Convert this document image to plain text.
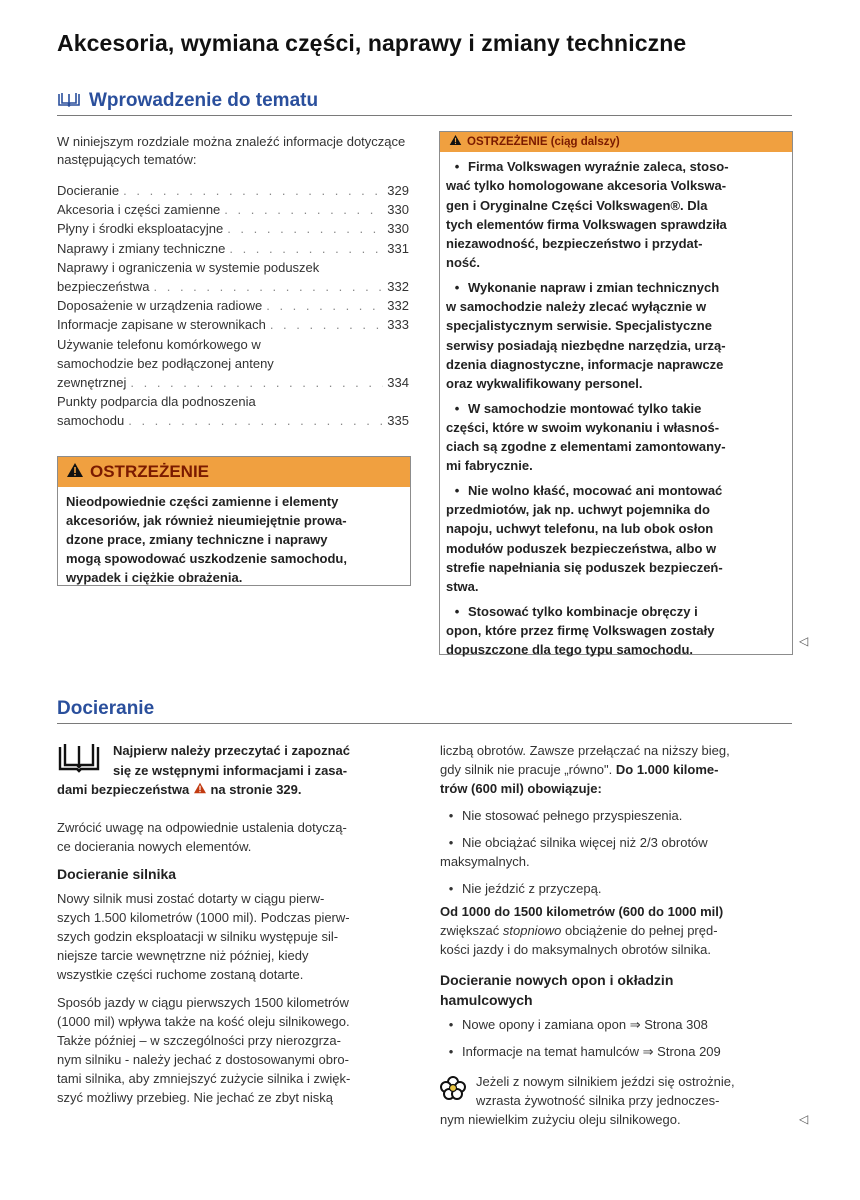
Akcesoria, wymiana części, naprawy i zmiany techniczne
Wprowadzenie do tematu

W niniejszym rozdziale można znaleźć informacje dotyczące następujących tematów:

Docieranie . . .	329
Akcesoria i części zamienne . . .	330
Płyny i środki eksploatacyjne . . .	330
Naprawy i zmiany techniczne . . .	331
Naprawy i ograniczenia w systemie poduszek
bezpieczeństwa . . .	332
Doposażenie w urządzenia radiowe . . .	332
Informacje zapisane w sterownikach . . .	333
Używanie telefonu komórkowego w
samochodzie bez podłączonej anteny
zewnętrznej . . .	334
Punkty podparcia dla podnoszenia
samochodu . . .	335
OSTRZEŻENIE
Nieodpowiednie części zamienne i elementy
akcesoriów, jak również nieumiejętnie prowa-
dzone prace, zmiany techniczne i naprawy
mogą spowodować uszkodzenie samochodu,
wypadek i ciężkie obrażenia.
OSTRZEŻENIE (ciąg dalszy)
• Firma Volkswagen wyraźnie zaleca, stoso-
wać tylko homologowane akcesoria Volkswa-
gen i Oryginalne Części Volkswagen®. Dla
tych elementów firma Volkswagen sprawdziła
niezawodność, bezpieczeństwo i przydat-
ność.
• Wykonanie napraw i zmian technicznych
w samochodzie należy zlecać wyłącznie w
specjalistycznym serwisie. Specjalistyczne
serwisy posiadają niezbędne narzędzia, urzą-
dzenia diagnostyczne, informacje naprawcze
oraz wykwalifikowany personel.
• W samochodzie montować tylko takie
części, które w swoim wykonaniu i własnoś-
ciach są zgodne z elementami zamontowany-
mi fabrycznie.
• Nie wolno kłaść, mocować ani montować
przedmiotów, jak np. uchwyt pojemnika do
napoju, uchwyt telefonu, na lub obok osłon
modułów poduszek bezpieczeństwa, albo w
strefie napełniania się poduszek bezpieczeń-
stwa.
• Stosować tylko kombinacje obręczy i
opon, które przez firmę Volkswagen zostały
dopuszczone dla tego typu samochodu.
◁
Docieranie
Najpierw należy przeczytać i zapoznać
się ze wstępnymi informacjami i zasa-
dami bezpieczeństwa na stronie 329.

Zwrócić uwagę na odpowiednie ustalenia dotyczą-

ce docierania nowych elementów.

Docieranie silnika

Nowy silnik musi zostać dotarty w ciągu pierw-

szych 1.500 kilometrów (1000 mil). Podczas pierw-

szych godzin eksploatacji w silniku występuje sil-

niejsze tarcie wewnętrzne niż później, kiedy

wszystkie części ruchome zostaną dotarte.

Sposób jazdy w ciągu pierwszych 1500 kilometrów

(1000 mil) wpływa także na kość oleju silnikowego.

Także później – w szczególności przy nierozgrza-

nym silniku - należy jechać z dostosowanymi obro-

tami silnika, aby zmniejszyć zużycie silnika i zwięk-

szyć możliwy przebieg. Nie jechać ze zbyt niską

liczbą obrotów. Zawsze przełączać na niższy bieg,

gdy silnik nie pracuje „równo". Do 1.000 kilome-

trów (600 mil) obowiązuje:

• Nie stosować pełnego przyspieszenia.
• Nie obciążać silnika więcej niż 2/3 obrotów
maksymalnych.
• Nie jeździć z przyczepą.

Od 1000 do 1500 kilometrów (600 do 1000 mil)

zwiększać stopniowo obciążenie do pełnej pręd-

kości jazdy i do maksymalnych obrotów silnika.

Docieranie nowych opon i okładzin
hamulcowych
• Nowe opony i zamiana opon ⇒ Strona 308
• Informacje na temat hamulców ⇒ Strona 209

Jeżeli z nowym silnikiem jeździ się ostrożnie,

wzrasta żywotność silnika przy jednoczes-

nym niewielkim zużyciu oleju silnikowego.	◁
